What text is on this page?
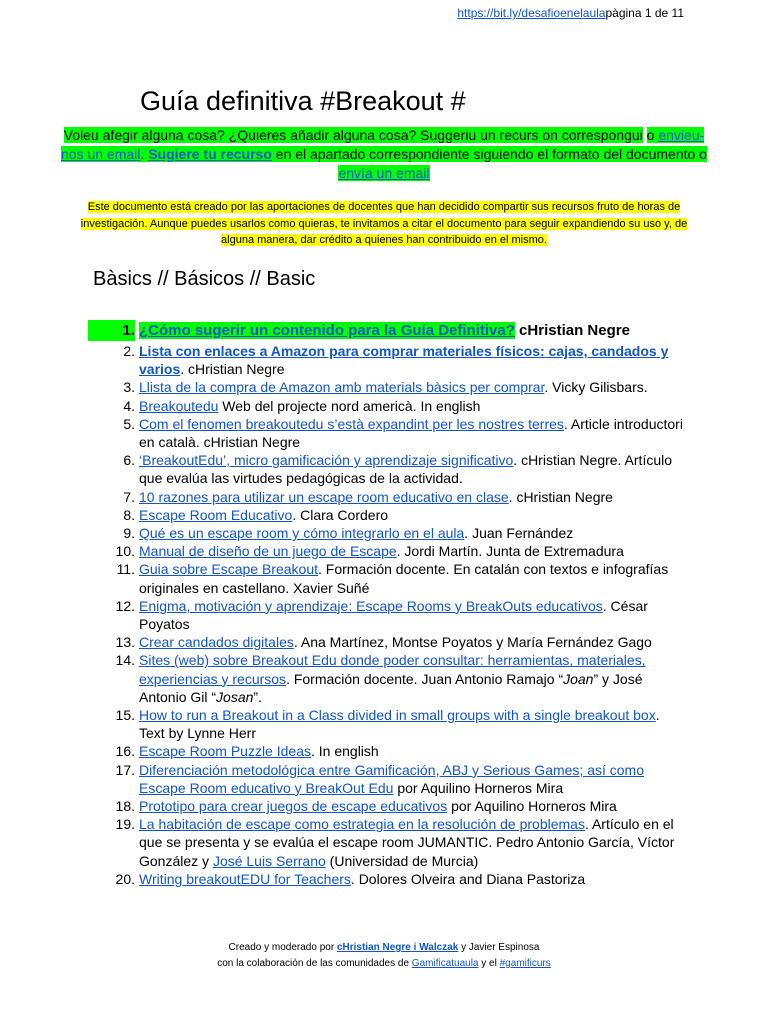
https://bit.ly/desafioenelaulapàgina 1 de 11
Guía definitiva #Breakout #
Voleu afegir alguna cosa? ¿Quieres añadir alguna cosa? Suggeriu un recurs on correspongui o envieu-nos un email. Sugiere tu recurso en el apartado correspondiente siguiendo el formato del documento o envía un email
Este documento está creado por las aportaciones de docentes que han decidido compartir sus recursos fruto de horas de investigación. Aunque puedes usarlos como quieras, te invitamos a citar el documento para seguir expandiendo su uso y, de alguna manera, dar crédito a quienes han contribuido en el mismo.
Bàsics // Básicos // Basic
1. ¿Cómo sugerir un contenido para la Guía Definitiva? cHristian Negre
2. Lista con enlaces a Amazon para comprar materiales físicos: cajas, candados y varios. cHristian Negre
3. Llista de la compra de Amazon amb materials bàsics per comprar. Vicky Gilisbars.
4. Breakoutedu Web del projecte nord americà. In english
5. Com el fenomen breakoutedu s’està expandint per les nostres terres. Article introductori en català. cHristian Negre
6. ‘BreakoutEdu’, micro gamificación y aprendizaje significativo. cHristian Negre. Artículo que evalúa las virtudes pedagógicas de la actividad.
7. 10 razones para utilizar un escape room educativo en clase. cHristian Negre
8. Escape Room Educativo. Clara Cordero
9. Qué es un escape room y cómo integrarlo en el aula. Juan Fernández
10. Manual de diseño de un juego de Escape. Jordi Martín. Junta de Extremadura
11. Guia sobre Escape Breakout. Formación docente. En catalán con textos e infografías originales en castellano. Xavier Suñé
12. Enigma, motivación y aprendizaje: Escape Rooms y BreakOuts educativos. César Poyatos
13. Crear candados digitales. Ana Martínez, Montse Poyatos y María Fernández Gago
14. Sites (web) sobre Breakout Edu donde poder consultar: herramientas, materiales, experiencias y recursos. Formación docente. Juan Antonio Ramajo “Joan” y José Antonio Gil “Josan”.
15. How to run a Breakout in a Class divided in small groups with a single breakout box. Text by Lynne Herr
16. Escape Room Puzzle Ideas. In english
17. Diferenciación metodológica entre Gamificación, ABJ y Serious Games; así como Escape Room educativo y BreakOut Edu por Aquilino Horneros Mira
18. Prototipo para crear juegos de escape educativos por Aquilino Horneros Mira
19. La habitación de escape como estrategia en la resolución de problemas. Artículo en el que se presenta y se evalúa el escape room JUMANTIC. Pedro Antonio García, Víctor González y José Luis Serrano (Universidad de Murcia)
20. Writing breakoutEDU for Teachers. Dolores Olveira and Diana Pastoriza
Creado y moderado por cHristian Negre i Walczak y Javier Espinosa
con la colaboración de las comunidades de Gamificatuaula y el #gamificurs
